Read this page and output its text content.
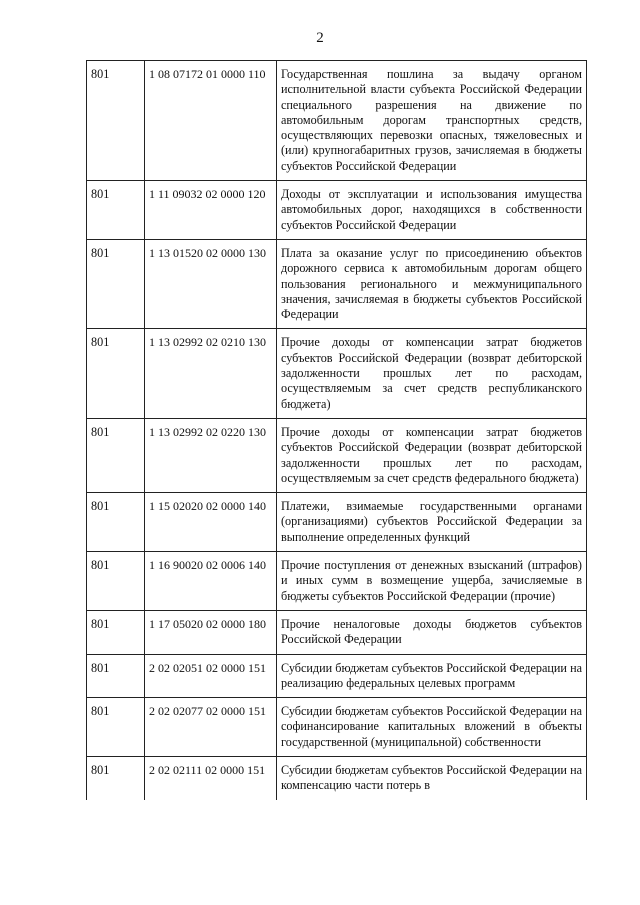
2
801	1 08 07172 01 0000 110	Государственная пошлина за выдачу органом исполнительной власти субъекта Российской Федерации специального разрешения на движение по автомобильным дорогам транспортных средств, осуществляющих перевозки опасных, тяжеловесных и (или) крупногабаритных грузов, зачисляемая в бюджеты субъектов Российской Федерации
801	1 11 09032 02 0000 120	Доходы от эксплуатации и использования имущества автомобильных дорог, находящихся в собственности субъектов Российской Федерации
801	1 13 01520 02 0000 130	Плата за оказание услуг по присоединению объектов дорожного сервиса к автомобильным дорогам общего пользования регионального и межмуниципального значения, зачисляемая в бюджеты субъектов Российской Федерации
801	1 13 02992 02 0210 130	Прочие доходы от компенсации затрат бюджетов субъектов Российской Федерации (возврат дебиторской задолженности прошлых лет по расходам, осуществляемым за счет средств республиканского бюджета)
801	1 13 02992 02 0220 130	Прочие доходы от компенсации затрат бюджетов субъектов Российской Федерации (возврат дебиторской задолженности прошлых лет по расходам, осуществляемым за счет средств федерального бюджета)
801	1 15 02020 02 0000 140	Платежи, взимаемые государственными органами (организациями) субъектов Российской Федерации за выполнение определенных функций
801	1 16 90020 02 0006 140	Прочие поступления от денежных взысканий (штрафов) и иных сумм в возмещение ущерба, зачисляемые в бюджеты субъектов Российской Федерации (прочие)
801	1 17 05020 02 0000 180	Прочие неналоговые доходы бюджетов субъектов Российской Федерации
801	2 02 02051 02 0000 151	Субсидии бюджетам субъектов Российской Федерации на реализацию федеральных целевых программ
801	2 02 02077 02 0000 151	Субсидии бюджетам субъектов Российской Федерации на софинансирование капитальных вложений в объекты государственной (муниципальной) собственности
801	2 02 02111 02 0000 151	Субсидии бюджетам субъектов Российской Федерации на компенсацию части потерь в
